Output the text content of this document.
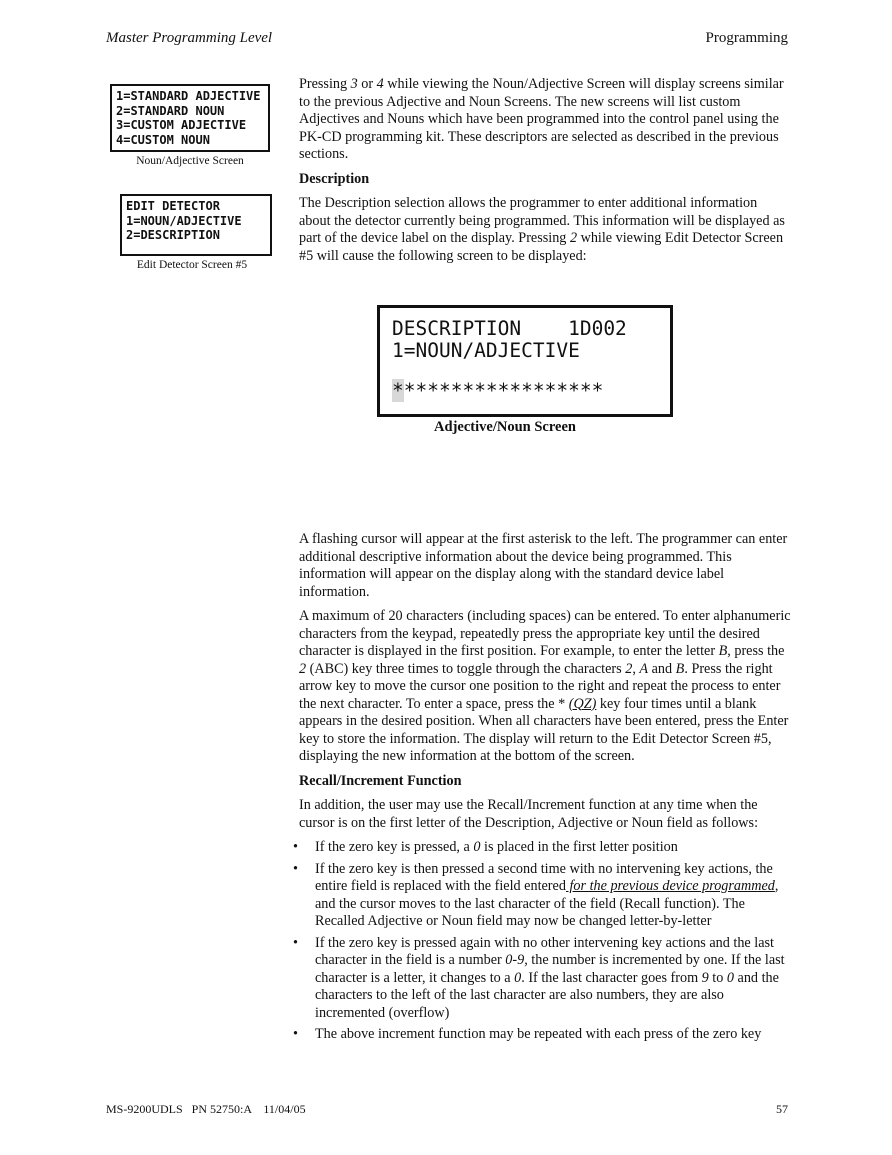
Master Programming Level	Programming
1=STANDARD ADJECTIVE
2=STANDARD NOUN
3=CUSTOM ADJECTIVE
4=CUSTOM NOUN
Noun/Adjective Screen
EDIT DETECTOR
1=NOUN/ADJECTIVE
2=DESCRIPTION
Edit Detector Screen #5

Pressing 3 or 4 while viewing the Noun/Adjective Screen will display screens similar to the previous Adjective and Noun Screens. The new screens will list custom Adjectives and Nouns which have been programmed into the control panel using the PK-CD programming kit. These descriptors are selected as described in the previous sections.

Description

The Description selection allows the programmer to enter additional information about the detector currently being programmed. This information will be displayed as part of the device label on the display. Pressing 2 while viewing Edit Detector Screen #5 will cause the following screen to be displayed:

DESCRIPTION    1D002
1=NOUN/ADJECTIVE
******************
Adjective/Noun Screen

A flashing cursor will appear at the first asterisk to the left. The programmer can enter additional descriptive information about the device being programmed. This information will appear on the display along with the standard device label information.

A maximum of 20 characters (including spaces) can be entered. To enter alphanumeric characters from the keypad, repeatedly press the appropriate key until the desired character is displayed in the first position. For example, to enter the letter B, press the 2 (ABC) key three times to toggle through the characters 2, A and B. Press the right arrow key to move the cursor one position to the right and repeat the process to enter the next character. To enter a space, press the * (QZ) key four times until a blank appears in the desired position. When all characters have been entered, press the Enter key to store the information. The display will return to the Edit Detector Screen #5, displaying the new information at the bottom of the screen.

Recall/Increment Function

In addition, the user may use the Recall/Increment function at any time when the cursor is on the first letter of the Description, Adjective or Noun field as follows:

• If the zero key is pressed, a 0 is placed in the first letter position
• If the zero key is then pressed a second time with no intervening key actions, the entire field is replaced with the field entered for the previous device programmed, and the cursor moves to the last character of the field (Recall function). The Recalled Adjective or Noun field may now be changed letter-by-letter
• If the zero key is pressed again with no other intervening key actions and the last character in the field is a number 0-9, the number is incremented by one. If the last character is a letter, it changes to a 0. If the last character goes from 9 to 0 and the characters to the left of the last character are also numbers, they are also incremented (overflow)
• The above increment function may be repeated with each press of the zero key
MS-9200UDLS   PN 52750:A    11/04/05	57
